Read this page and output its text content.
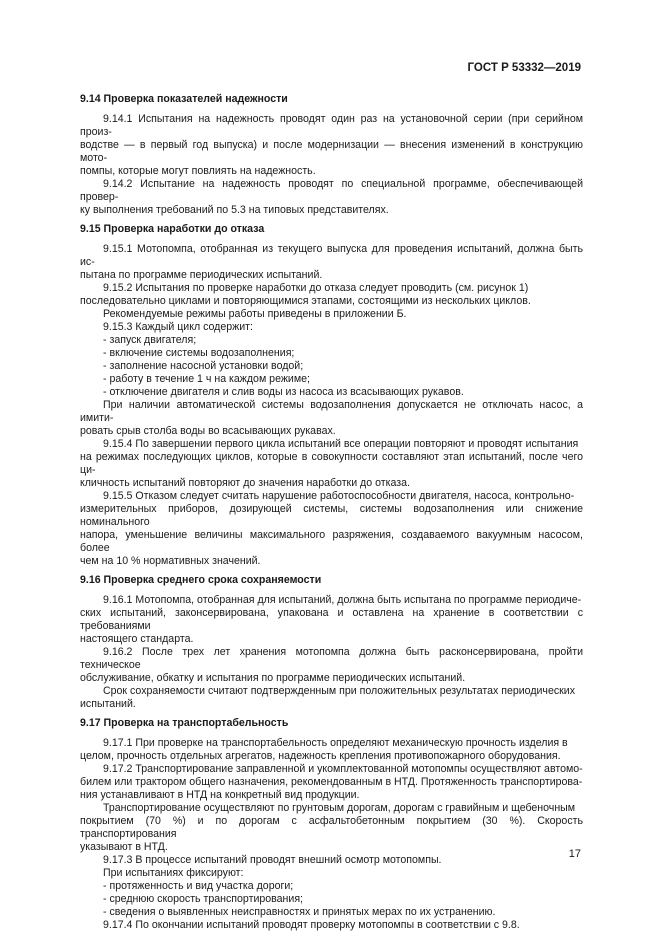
ГОСТ Р 53332—2019
9.14 Проверка показателей надежности
9.14.1 Испытания на надежность проводят один раз на установочной серии (при серийном произ-
водстве — в первый год выпуска) и после модернизации — внесения изменений в конструкцию мото-
помпы, которые могут повлиять на надежность.
9.14.2 Испытание на надежность проводят по специальной программе, обеспечивающей провер-
ку выполнения требований по 5.3 на типовых представителях.
9.15 Проверка наработки до отказа
9.15.1 Мотопомпа, отобранная из текущего выпуска для проведения испытаний, должна быть ис-
пытана по программе периодических испытаний.
9.15.2 Испытания по проверке наработки до отказа следует проводить (см. рисунок 1)
последовательно циклами и повторяющимися этапами, состоящими из нескольких циклов.
Рекомендуемые режимы работы приведены в приложении Б.
9.15.3 Каждый цикл содержит:
- запуск двигателя;
- включение системы водозаполнения;
- заполнение насосной установки водой;
- работу в течение 1 ч на каждом режиме;
- отключение двигателя и слив воды из насоса из всасывающих рукавов.
При наличии автоматической системы водозаполнения допускается не отключать насос, а имити-
ровать срыв столба воды во всасывающих рукавах.
9.15.4 По завершении первого цикла испытаний все операции повторяют и проводят испытания
на режимах последующих циклов, которые в совокупности составляют этап испытаний, после чего ци-
кличность испытаний повторяют до значения наработки до отказа.
9.15.5 Отказом следует считать нарушение работоспособности двигателя, насоса, контрольно-
измерительных приборов, дозирующей системы, системы водозаполнения или снижение номинального
напора, уменьшение величины максимального разряжения, создаваемого вакуумным насосом, более
чем на 10 % нормативных значений.
9.16 Проверка среднего срока сохраняемости
9.16.1 Мотопомпа, отобранная для испытаний, должна быть испытана по программе периодиче-
ских испытаний, законсервирована, упакована и оставлена на хранение в соответствии с требованиями
настоящего стандарта.
9.16.2 После трех лет хранения мотопомпа должна быть расконсервирована, пройти техническое
обслуживание, обкатку и испытания по программе периодических испытаний.
Срок сохраняемости считают подтвержденным при положительных результатах периодических
испытаний.
9.17 Проверка на транспортабельность
9.17.1 При проверке на транспортабельность определяют механическую прочность изделия в
целом, прочность отдельных агрегатов, надежность крепления противопожарного оборудования.
9.17.2 Транспортирование заправленной и укомплектованной мотопомпы осуществляют автомо-
билем или трактором общего назначения, рекомендованным в НТД. Протяженность транспортирова-
ния устанавливают в НТД на конкретный вид продукции.
Транспортирование осуществляют по грунтовым дорогам, дорогам с гравийным и щебеночным
покрытием (70 %) и по дорогам с асфальтобетонным покрытием (30 %). Скорость транспортирования
указывают в НТД.
9.17.3 В процессе испытаний проводят внешний осмотр мотопомпы.
При испытаниях фиксируют:
- протяженность и вид участка дороги;
- среднюю скорость транспортирования;
- сведения о выявленных неисправностях и принятых мерах по их устранению.
9.17.4 По окончании испытаний проводят проверку мотопомпы в соответствии с 9.8.
17
